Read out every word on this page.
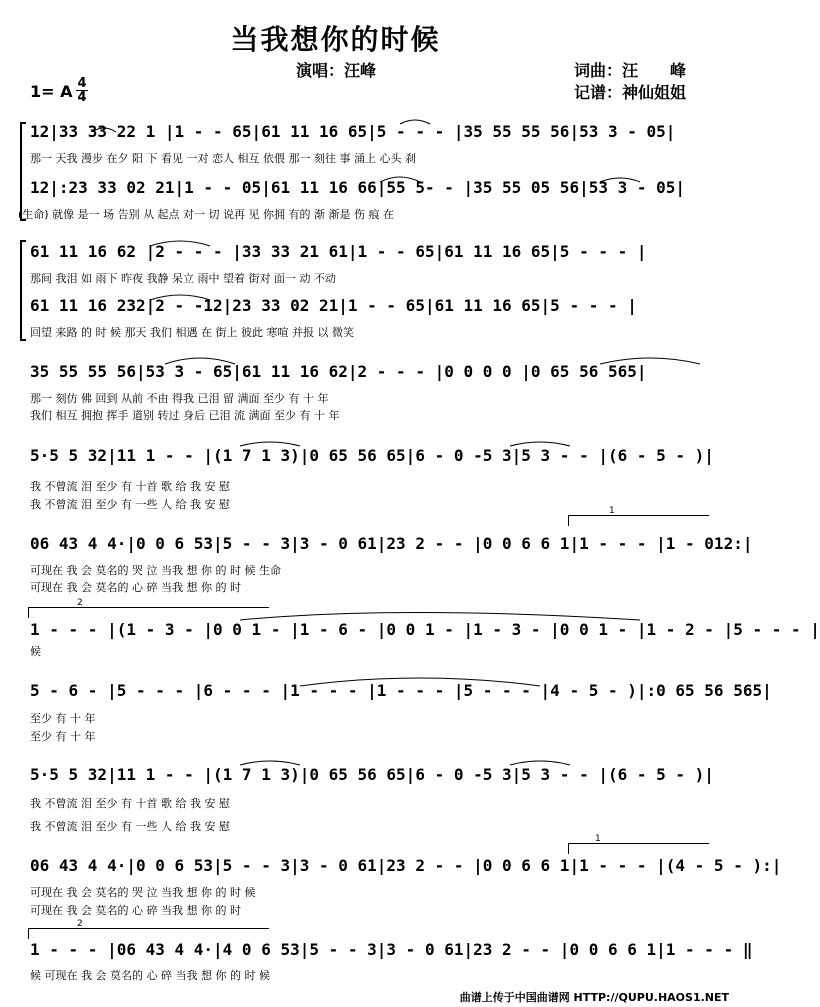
当我想你的时候
演唱：汪峰	词曲：汪　　峰
记谱：神仙姐姐
1= A 4
4
12|33 33 22 1 |1 - - 65|61 11 16 65|5 - - - |35 55 55 56|53 3 - 05|
那一 天我 漫步 在夕 阳 下 看见 一对 恋人 相互 依偎 那一 刻往 事 涌上 心头 刹
12|:23 33 02 21|1 - - 05|61 11 16 66|55 5- - |35 55 05 56|53 3 - 05|
(生命) 就像 是一 场 告别 从 起点 对一 切 说再 见 你拥 有的 渐 渐是 伤 痕 在
61 11 16 62 |2 - - - |33 33 21 61|1 - - 65|61 11 16 65|5 - - - |
那间 我泪 如 雨下 昨夜 我静 呆立 雨中 望着 街对 面一 动 不动
61 11 16 232|2 - -12|23 33 02 21|1 - - 65|61 11 16 65|5 - - - |
回望 来路 的 时 候 那天 我们 相遇 在 街上 彼此 寒喧 并报 以 微笑
35 55 55 56|53 3 - 65|61 11 16 62|2 - - - |0 0 0 0 |0 65 56 565|
那一 刻仿 佛 回到 从前 不由 得我 已泪 留 满面 至少 有 十 年
我们 相互 拥抱 挥手 道别 转过 身后 已泪 流 满面 至少 有 十 年
5·5 5 32|11 1 - - |(1 7 1 3)|0 65 56 65|6 - 0 -5 3|5 3 - - |(6 - 5 - )|
我 不曾流 泪 至少 有 十首 歌 给 我 安 慰
我 不曾流 泪 至少 有 一些 人 给 我 安 慰
06 43 4 4·|0 0 6 53|5 - - 3|3 - 0 61|23 2 - - |0 0 6 6 1|1 - - - |1 - 012:|
可现在 我 会 莫名的 哭 泣 当我 想 你 的 时 候 生命
可现在 我 会 莫名的 心 碎 当我 想 你 的 时
1 - - - |(1 - 3 - |0 0 1 - |1 - 6 - |0 0 1 - |1 - 3 - |0 0 1 - |1 - 2 - |5 - - - |
候
5 - 6 - |5 - - - |6 - - - |1 - - - |1 - - - |5 - - - |4 - 5 - )|:0 65 56 565|
至少 有 十 年
至少 有 十 年
5·5 5 32|11 1 - - |(1 7 1 3)|0 65 56 65|6 - 0 -5 3|5 3 - - |(6 - 5 - )|
我 不曾流 泪 至少 有 十首 歌 给 我 安 慰
我 不曾流 泪 至少 有 一些 人 给 我 安 慰
06 43 4 4·|0 0 6 53|5 - - 3|3 - 0 61|23 2 - - |0 0 6 6 1|1 - - - |(4 - 5 - ):|
可现在 我 会 莫名的 哭 泣 当我 想 你 的 时 候
可现在 我 会 莫名的 心 碎 当我 想 你 的 时
1 - - - |06 43 4 4·|4 0 6 53|5 - - 3|3 - 0 61|23 2 - - |0 0 6 6 1|1 - - - ‖
候 可现在 我 会 莫名的 心 碎 当我 想 你 的 时 候
1
2
1
2
曲谱上传于中国曲谱网 HTTP://QUPU.HAOS1.NET
